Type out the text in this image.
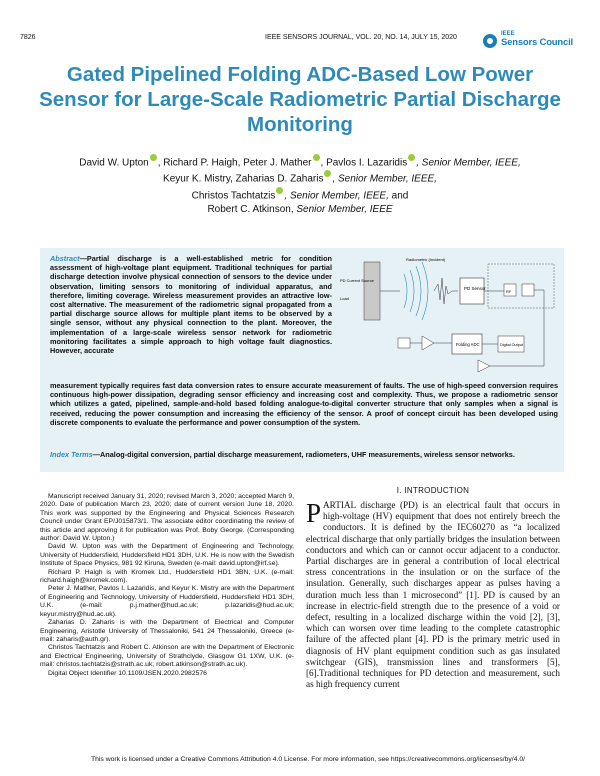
7826	IEEE SENSORS JOURNAL, VOL. 20, NO. 14, JULY 15, 2020	IEEE
Sensors Council
Gated Pipelined Folding ADC-Based Low Power Sensor for Large-Scale Radiometric Partial Discharge Monitoring
David W. Upton , Richard P. Haigh, Peter J. Mather , Pavlos I. Lazaridis , Senior Member, IEEE,
Keyur K. Mistry, Zaharias D. Zaharis , Senior Member, IEEE,
Christos Tachtatzis , Senior Member, IEEE, and
Robert C. Atkinson, Senior Member, IEEE
Abstract—Partial discharge is a well-established metric for condition assessment of high-voltage plant equipment. Traditional techniques for partial discharge detection involve physical connection of sensors to the device under observation, limiting sensors to monitoring of individual apparatus, and therefore, limiting coverage. Wireless measurement provides an attractive low-cost alternative. The measurement of the radiometric signal propagated from a partial discharge source allows for multiple plant items to be observed by a single sensor, without any physical connection to the plant. Moreover, the implementation of a large-scale wireless sensor network for radiometric monitoring facilitates a simple approach to high voltage fault diagnostics. However, accurate
PD Current Source
Load
Radiometric (Incident)
PD Sensor
RF
Folding ADC	Digital Output
measurement typically requires fast data conversion rates to ensure accurate measurement of faults. The use of high-speed conversion requires continuous high-power dissipation, degrading sensor efficiency and increasing cost and complexity. Thus, we propose a radiometric sensor which utilizes a gated, pipelined, sample-and-hold based folding analogue-to-digital converter structure that only samples when a signal is received, reducing the power consumption and increasing the efficiency of the sensor. A proof of concept circuit has been developed using discrete components to evaluate the performance and power consumption of the system.
Index Terms—Analog-digital conversion, partial discharge measurement, radiometers, UHF measurements, wireless sensor networks.

Manuscript received January 31, 2020; revised March 3, 2020; accepted March 9, 2020. Date of publication March 23, 2020; date of current version June 18, 2020. This work was supported by the Engineering and Physical Sciences Research Council under Grant EP/J015873/1. The associate editor coordinating the review of this article and approving it for publication was Prof. Boby George. (Corresponding author: David W. Upton.)

David W. Upton was with the Department of Engineering and Technology, University of Huddersfield, Huddersfield HD1 3DH, U.K. He is now with the Swedish Institute of Space Physics, 981 92 Kiruna, Sweden (e-mail: david.upton@irf.se).

Richard P. Haigh is with Kromek Ltd., Huddersfield HD1 3BN, U.K. (e-mail: richard.haigh@kromek.com).

Peter J. Mather, Pavlos I. Lazaridis, and Keyur K. Mistry are with the Department of Engineering and Technology, University of Huddersfield, Huddersfield HD1 3DH, U.K. (e-mail: p.j.mather@hud.ac.uk; p.lazaridis@hud.ac.uk; keyur.mistry@hud.ac.uk).

Zaharias D. Zaharis is with the Department of Electrical and Computer Engineering, Aristotle University of Thessaloniki, 541 24 Thessaloniki, Greece (e-mail: zaharis@auth.gr).

Christos Tachtatzis and Robert C. Atkinson are with the Department of Electronic and Electrical Engineering, University of Strathclyde, Glasgow G1 1XW, U.K. (e-mail: christos.tachtatzis@strath.ac.uk; robert.atkinson@strath.ac.uk).

Digital Object Identifier 10.1109/JSEN.2020.2982576

I. INTRODUCTION
PARTIAL discharge (PD) is an electrical fault that occurs in high-voltage (HV) equipment that does not entirely breech the conductors. It is defined by the IEC60270 as “a localized electrical discharge that only partially bridges the insulation between conductors and which can or cannot occur adjacent to a conductor. Partial discharges are in general a contribution of local electrical stress concentrations in the insulation or on the surface of the insulation. Generally, such discharges appear as pulses having a duration much less than 1 microsecond” [1]. PD is caused by an increase in electric-field strength due to the presence of a void or defect, resulting in a localized discharge within the void [2], [3], which can worsen over time leading to the complete catastrophic failure of the affected plant [4]. PD is the primary metric used in diagnosis of HV plant equipment condition such as gas insulated switchgear (GIS), transmission lines and transformers [5], [6].Traditional techniques for PD detection and measurement, such as high frequency current
This work is licensed under a Creative Commons Attribution 4.0 License. For more information, see https://creativecommons.org/licenses/by/4.0/
